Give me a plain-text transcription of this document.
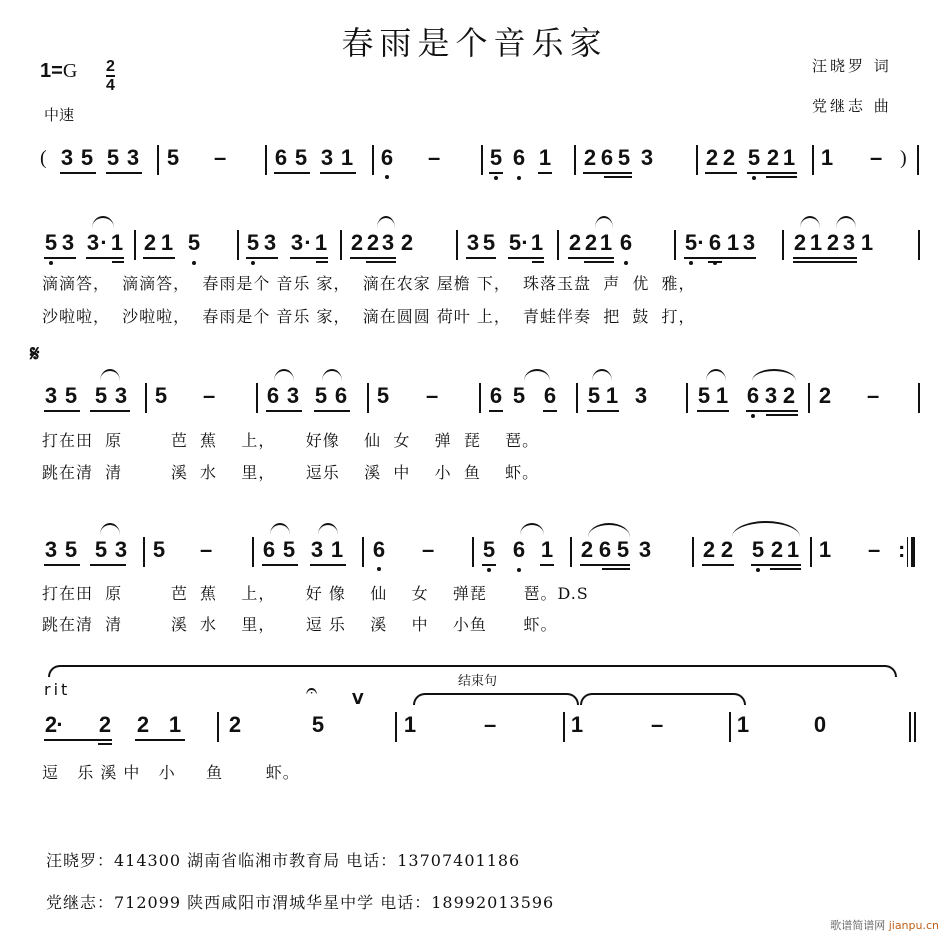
春雨是个音乐家
汪晓罗 词
党继志 曲
$1=G \frac{2}{4}$
中速
( 3 5 5 3 5 – 6 5 3 1 6 – 5 6 1 2 6 5 3 2 2 5 2 1 1 – )
5 3 3 · 1 2 1 5 5 3 3 · 1 2 2 3 2 3 5 5 · 1 2 2 1 6 5 · 6 1 3 2 1 2 3 1
滴滴答，  滴滴答，  春雨是个 音乐 家，  滴在农家 屋檐 下，  珠落玉盘  声  优  雅，
沙啦啦，  沙啦啦，  春雨是个 音乐 家，  滴在圆圆 荷叶 上，  青蛙伴奏  把  鼓  打，
𝄋
3 5 5 3 5 – 6 3 5 6 5 – 6 5 6 5 1 3 5 1 6 3 2 2 –
打在田  原        芭  蕉    上，     好像    仙  女    弹  琵    琶。
跳在清  清        溪  水    里，     逗乐    溪  中    小  鱼    虾。
3 5 5 3 5 – 6 5 3 1 6 – 5 6 1 2 6 5 3 2 2 5 2 1 1 – :
打在田  原        芭  蕉    上，     好 像    仙    女    弹琵      琶。D.S
跳在清  清        溪  水    里，     逗 乐    溪    中    小鱼      虾。
rit	结束句
𝄐 V
2 · 2 2 1 2	5	1	–	1	–	1	0
逗   乐 溪 中   小     鱼       虾。
汪晓罗：414300 湖南省临湘市教育局 电话：13707401186
党继志：712099 陕西咸阳市渭城华星中学 电话：18992013596
歌谱简谱网 jianpu.cn
